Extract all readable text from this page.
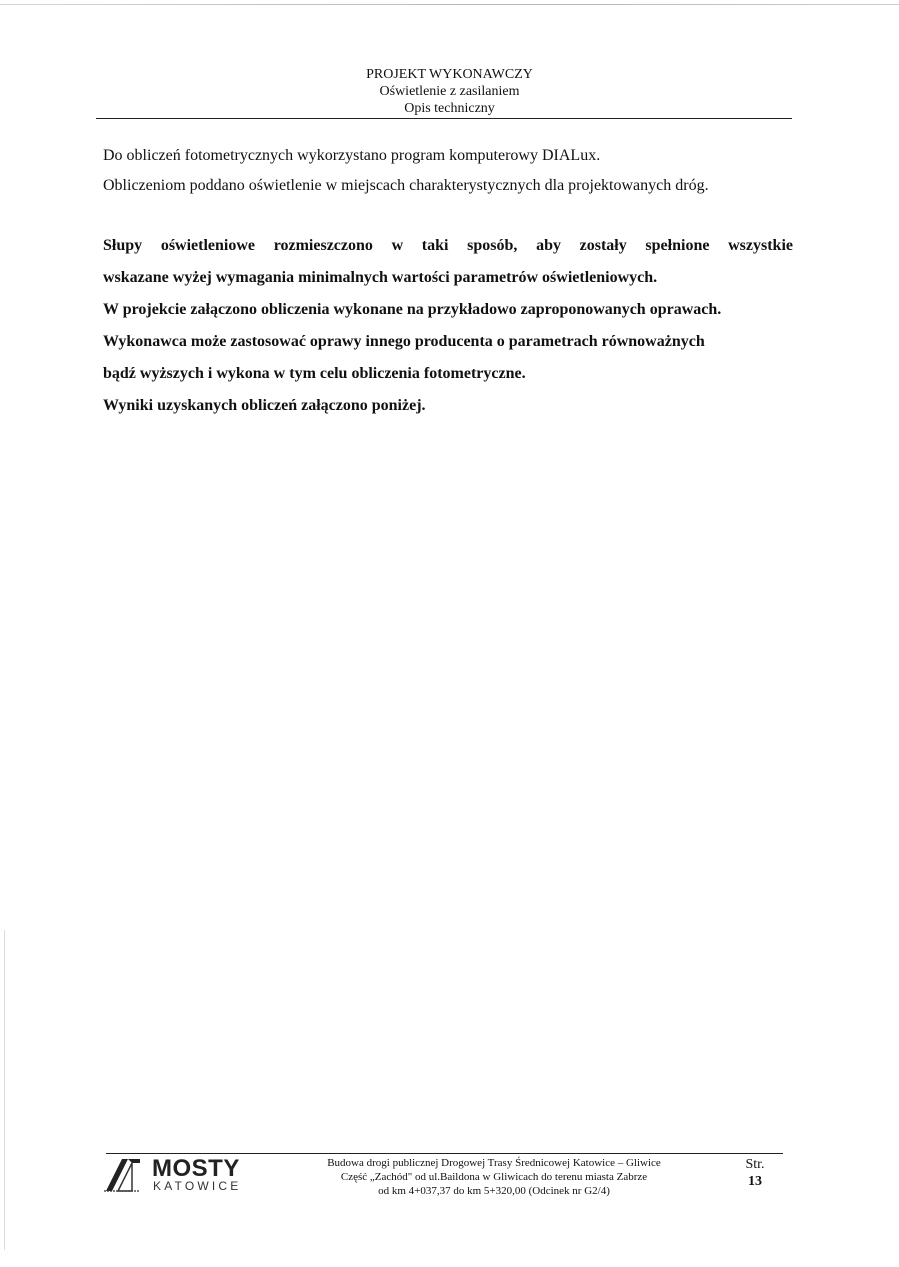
PROJEKT WYKONAWCZY
Oświetlenie z zasilaniem
Opis techniczny
Do obliczeń fotometrycznych wykorzystano program komputerowy DIALux.
Obliczeniom poddano oświetlenie w miejscach charakterystycznych dla projektowanych dróg.
Słupy oświetleniowe rozmieszczono w taki sposób, aby zostały spełnione wszystkie
wskazane wyżej wymagania minimalnych wartości parametrów oświetleniowych.
W projekcie załączono obliczenia wykonane na przykładowo zaproponowanych oprawach.
Wykonawca może zastosować oprawy innego producenta o parametrach równoważnych
bądź wyższych i wykona w tym celu obliczenia fotometryczne.
Wyniki uzyskanych obliczeń załączono poniżej.
MOSTY
KATOWICE
Budowa drogi publicznej Drogowej Trasy Średnicowej Katowice – Gliwice
Część „Zachód" od ul.Baildona w Gliwicach do terenu miasta Zabrze
od km 4+037,37 do km 5+320,00 (Odcinek nr G2/4)
Str.
13
